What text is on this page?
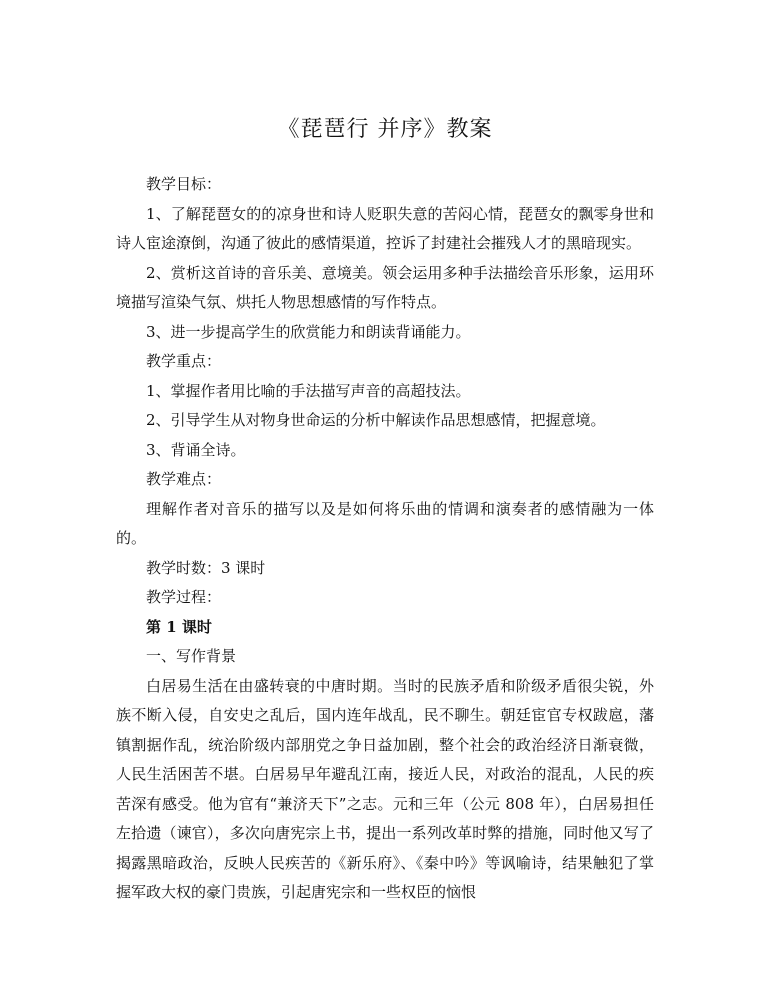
《琵琶行 并序》教案

教学目标：

1、了解琵琶女的的凉身世和诗人贬职失意的苦闷心情，琵琶女的飘零身世和诗人宦途潦倒，沟通了彼此的感情渠道，控诉了封建社会摧残人才的黑暗现实。

2、赏析这首诗的音乐美、意境美。领会运用多种手法描绘音乐形象，运用环境描写渲染气氛、烘托人物思想感情的写作特点。

3、进一步提高学生的欣赏能力和朗读背诵能力。

教学重点：

1、掌握作者用比喻的手法描写声音的高超技法。

2、引导学生从对物身世命运的分析中解读作品思想感情，把握意境。

3、背诵全诗。

教学难点：

理解作者对音乐的描写以及是如何将乐曲的情调和演奏者的感情融为一体的。

教学时数：3 课时

教学过程：

第 1 课时

一、写作背景

白居易生活在由盛转衰的中唐时期。当时的民族矛盾和阶级矛盾很尖锐，外族不断入侵，自安史之乱后，国内连年战乱，民不聊生。朝廷宦官专权跋扈，藩镇割据作乱，统治阶级内部朋党之争日益加剧，整个社会的政治经济日渐衰微，人民生活困苦不堪。白居易早年避乱江南，接近人民，对政治的混乱，人民的疾苦深有感受。他为官有“兼济天下”之志。元和三年（公元 808 年），白居易担任左拾遗（谏官），多次向唐宪宗上书，提出一系列改革时弊的措施，同时他又写了揭露黑暗政治，反映人民疾苦的《新乐府》、《秦中吟》等讽喻诗，结果触犯了掌握军政大权的豪门贵族，引起唐宪宗和一些权臣的恼恨
